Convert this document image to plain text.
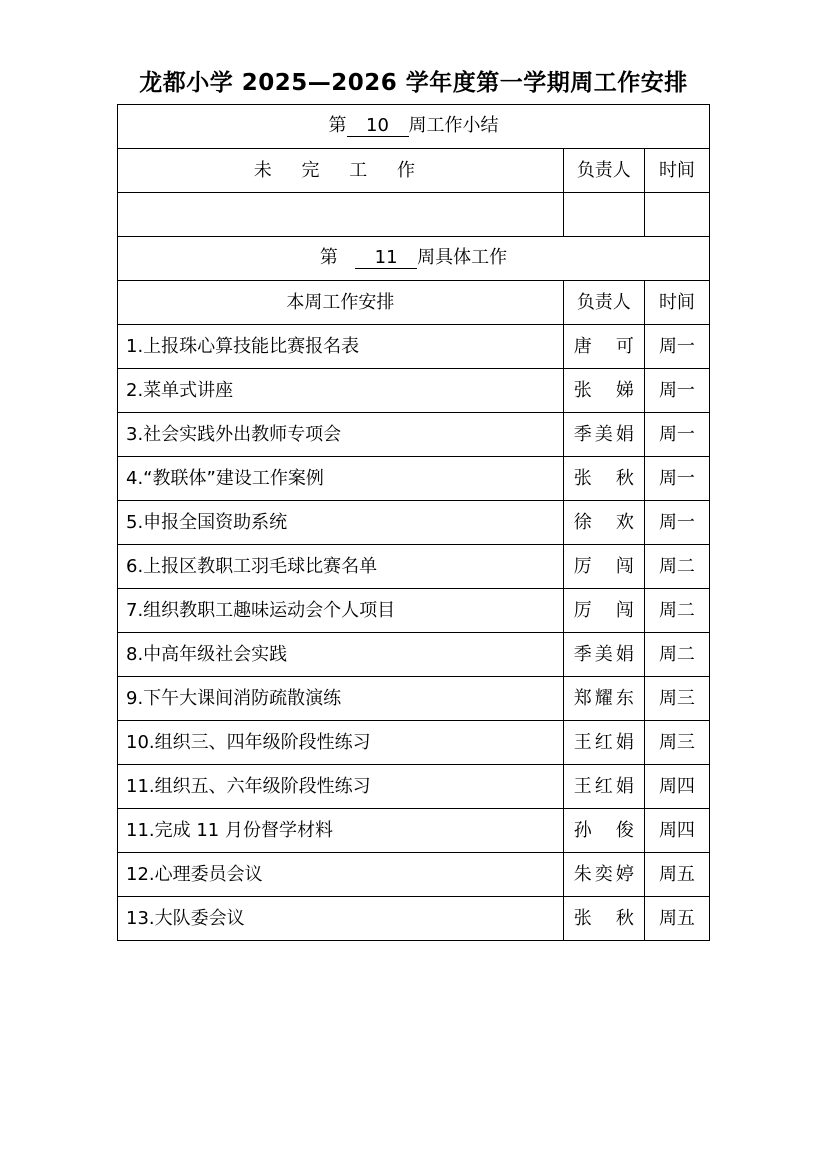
龙都小学 2025—2026 学年度第一学期周工作安排
第 10 周工作小结		
未 完 工 作	负责人	时间

第 11 周具体工作		
本周工作安排	负责人	时间
1.上报珠心算技能比赛报名表	唐可	周一
2.菜单式讲座	张娣	周一
3.社会实践外出教师专项会	季美娟	周一
4.“教联体”建设工作案例	张秋	周一
5.申报全国资助系统	徐欢	周一
6.上报区教职工羽毛球比赛名单	厉闯	周二
7.组织教职工趣味运动会个人项目	厉闯	周二
8.中高年级社会实践	季美娟	周二
9.下午大课间消防疏散演练	郑耀东	周三
10.组织三、四年级阶段性练习	王红娟	周三
11.组织五、六年级阶段性练习	王红娟	周四
11.完成 11 月份督学材料	孙俊	周四
12.心理委员会议	朱奕婷	周五
13.大队委会议	张秋	周五
